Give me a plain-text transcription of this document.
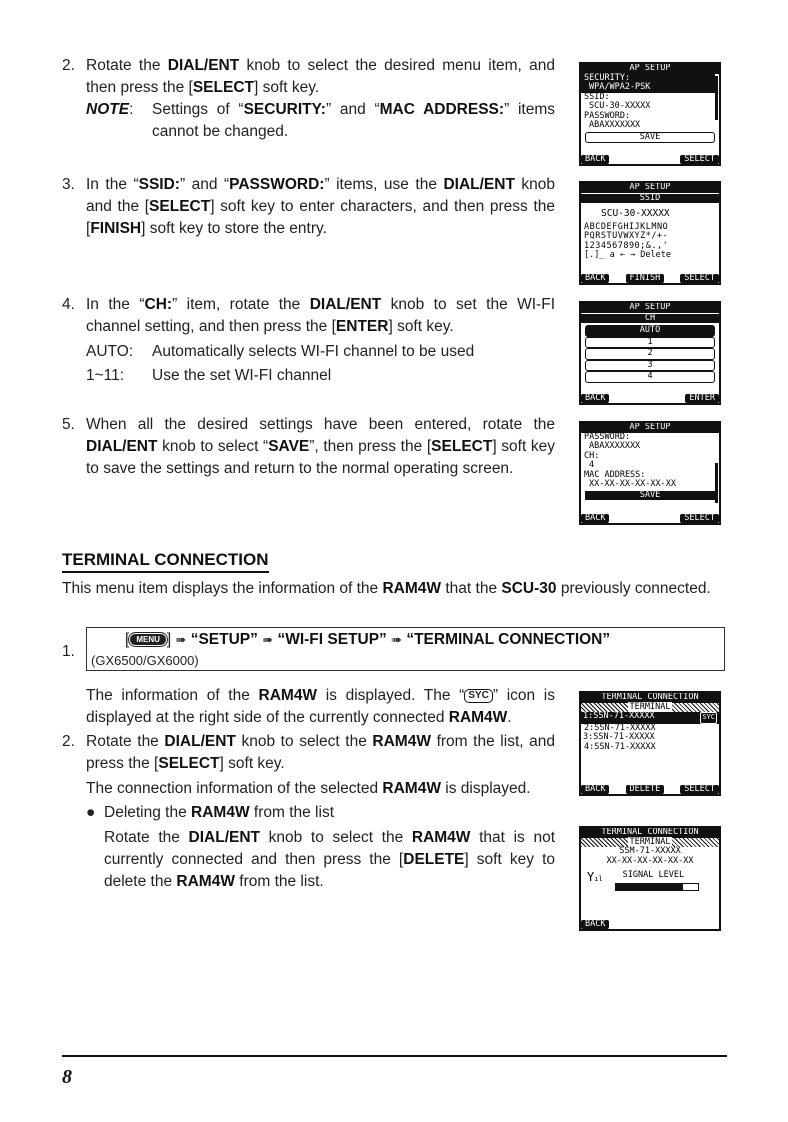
2. Rotate the DIAL/ENT knob to select the desired menu item, and then press the [SELECT] soft key.
NOTE:	Settings of “SECURITY:” and “MAC ADDRESS:” items cannot be changed.
3. In the “SSID:” and “PASSWORD:” items, use the DIAL/ENT knob and the [SELECT] soft key to enter characters, and then press the [FINISH] soft key to store the entry.
4. In the “CH:” item, rotate the DIAL/ENT knob to set the WI-FI channel setting, and then press the [ENTER] soft key.
AUTO:	Automatically selects WI-FI channel to be used
1~11:	Use the set WI-FI channel
5. When all the desired settings have been entered, rotate the DIAL/ENT knob to select “SAVE”, then press the [SELECT] soft key to save the settings and return to the normal operating screen.
AP SETUP
SECURITY:
WPA/WPA2-PSK
SSID:
SCU-30-XXXXX
PASSWORD:
ABAXXXXXXX
SAVE
BACK	SELECT
AP SETUP
SSID
SCU-30-XXXXX
ABCDEFGHIJKLMNO
PQRSTUVWXYZ*/+-
1234567890;&.,'
[.]_ a ← → Delete
BACK	FINISH	SELECT
AP SETUP
CH
AUTO
1
2
3
4
BACK	ENTER
AP SETUP
PASSWORD:
ABAXXXXXXX
CH:
4
MAC ADDRESS:
XX-XX-XX-XX-XX-XX
SAVE
BACK	SELECT
TERMINAL CONNECTION
This menu item displays the information of the RAM4W that the SCU-30 previously connected.
1.
[ MENU ] ➠ “SETUP” ➠ “WI-FI SETUP” ➠ “TERMINAL CONNECTION”
(GX6500/GX6000)
The information of the RAM4W is displayed. The “ SYC ” icon is displayed at the right side of the currently connected RAM4W.
2. Rotate the DIAL/ENT knob to select the RAM4W from the list, and press the [SELECT] soft key.
The connection information of the selected RAM4W is displayed.
● Deleting the RAM4W from the list
Rotate the DIAL/ENT knob to select the RAM4W that is not currently connected and then press the [DELETE] soft key to delete the RAM4W from the list.
TERMINAL CONNECTION
TERMINAL
1:SSN-71-XXXXX	SYC
2:SSN-71-XXXXX
3:SSN-71-XXXXX
4:SSN-71-XXXXX
BACK	DELETE	SELECT
TERMINAL CONNECTION
TERMINAL
SSM-71-XXXXX
XX-XX-XX-XX-XX-XX
Yıl	SIGNAL LEVEL
BACK
8
